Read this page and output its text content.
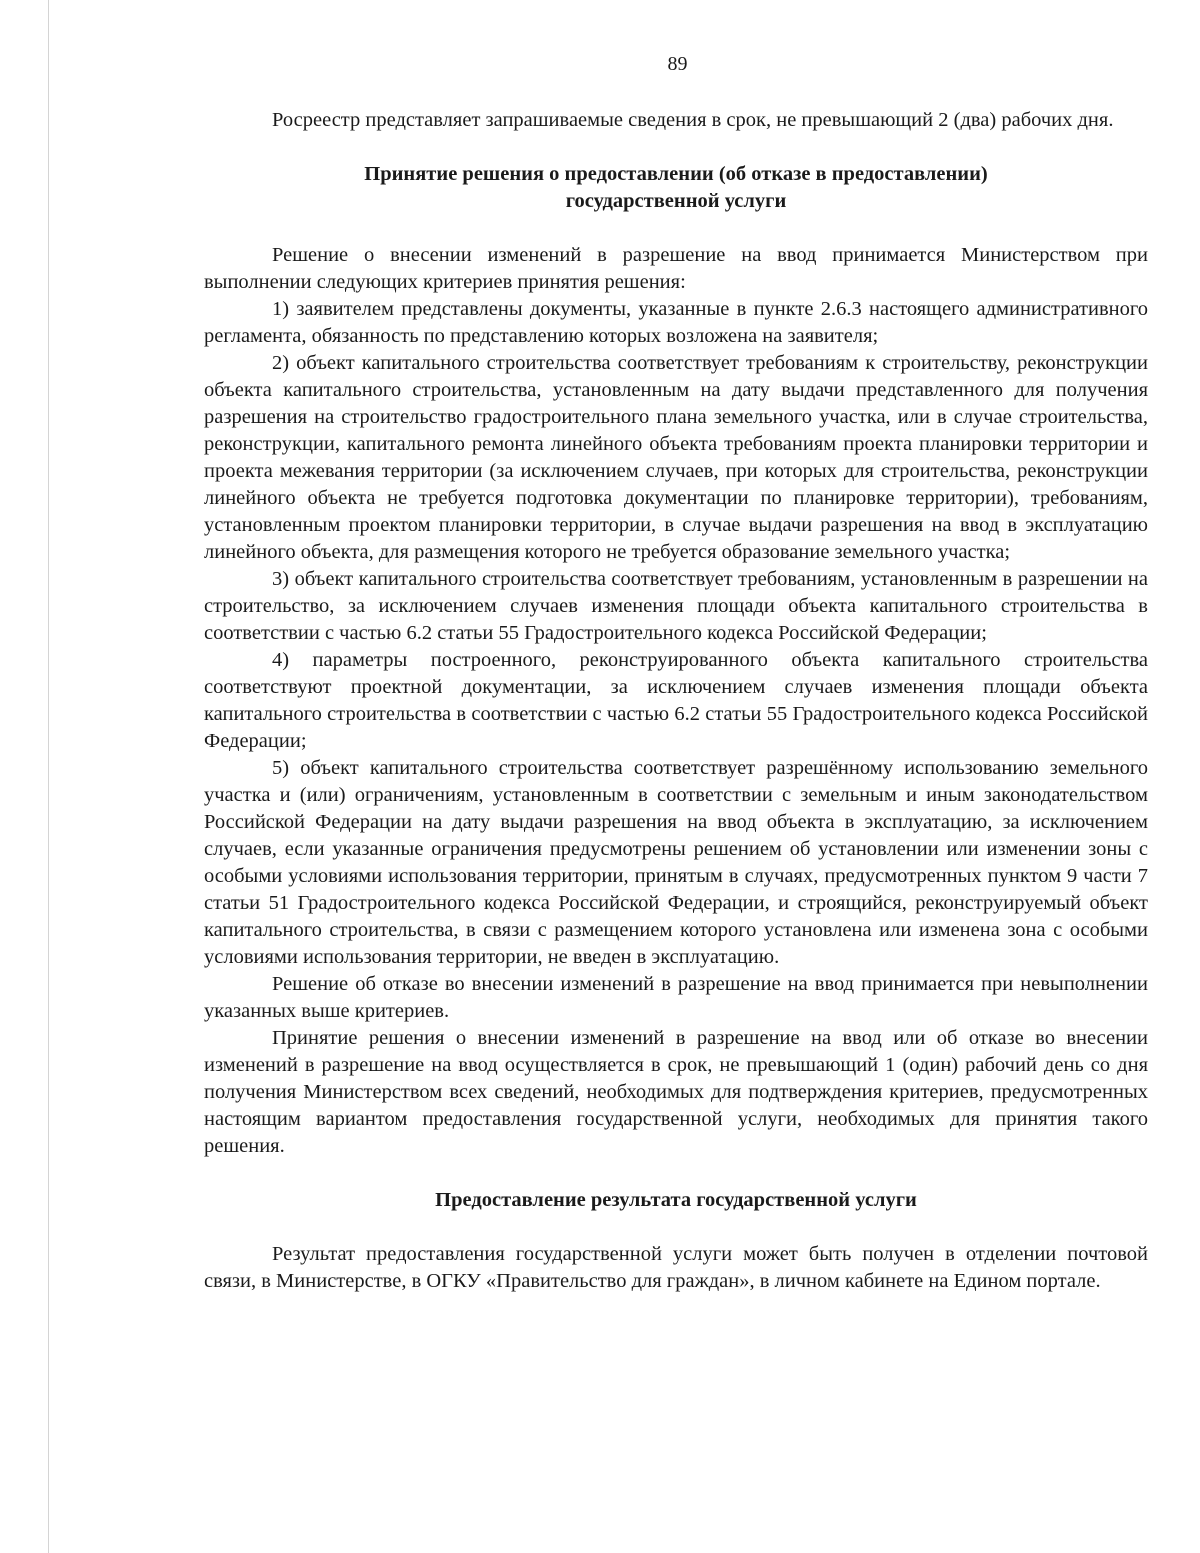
89

Росреестр представляет запрашиваемые сведения в срок, не превышающий 2 (два) рабочих дня.

Принятие решения о предоставлении (об отказе в предоставлении)
государственной услуги

Решение о внесении изменений в разрешение на ввод принимается Министерством при выполнении следующих критериев принятия решения:

1) заявителем представлены документы, указанные в пункте 2.6.3 настоящего административного регламента, обязанность по представлению которых возложена на заявителя;

2) объект капитального строительства соответствует требованиям к строительству, реконструкции объекта капитального строительства, установленным на дату выдачи представленного для получения разрешения на строительство градостроительного плана земельного участка, или в случае строительства, реконструкции, капитального ремонта линейного объекта требованиям проекта планировки территории и проекта межевания территории (за исключением случаев, при которых для строительства, реконструкции линейного объекта не требуется подготовка документации по планировке территории), требованиям, установленным проектом планировки территории, в случае выдачи разрешения на ввод в эксплуатацию линейного объекта, для размещения которого не требуется образование земельного участка;

3) объект капитального строительства соответствует требованиям, установленным в разрешении на строительство, за исключением случаев изменения площади объекта капитального строительства в соответствии с частью 6.2 статьи 55 Градостроительного кодекса Российской Федерации;

4) параметры построенного, реконструированного объекта капитального строительства соответствуют проектной документации, за исключением случаев изменения площади объекта капитального строительства в соответствии с частью 6.2 статьи 55 Градостроительного кодекса Российской Федерации;

5) объект капитального строительства соответствует разрешённому использованию земельного участка и (или) ограничениям, установленным в соответствии с земельным и иным законодательством Российской Федерации на дату выдачи разрешения на ввод объекта в эксплуатацию, за исключением случаев, если указанные ограничения предусмотрены решением об установлении или изменении зоны с особыми условиями использования территории, принятым в случаях, предусмотренных пунктом 9 части 7 статьи 51 Градостроительного кодекса Российской Федерации, и строящийся, реконструируемый объект капитального строительства, в связи с размещением которого установлена или изменена зона с особыми условиями использования территории, не введен в эксплуатацию.

Решение об отказе во внесении изменений в разрешение на ввод принимается при невыполнении указанных выше критериев.

Принятие решения о внесении изменений в разрешение на ввод или об отказе во внесении изменений в разрешение на ввод осуществляется в срок, не превышающий 1 (один) рабочий день со дня получения Министерством всех сведений, необходимых для подтверждения критериев, предусмотренных настоящим вариантом предоставления государственной услуги, необходимых для принятия такого решения.

Предоставление результата государственной услуги

Результат предоставления государственной услуги может быть получен в отделении почтовой связи, в Министерстве, в ОГКУ «Правительство для граждан», в личном кабинете на Едином портале.
